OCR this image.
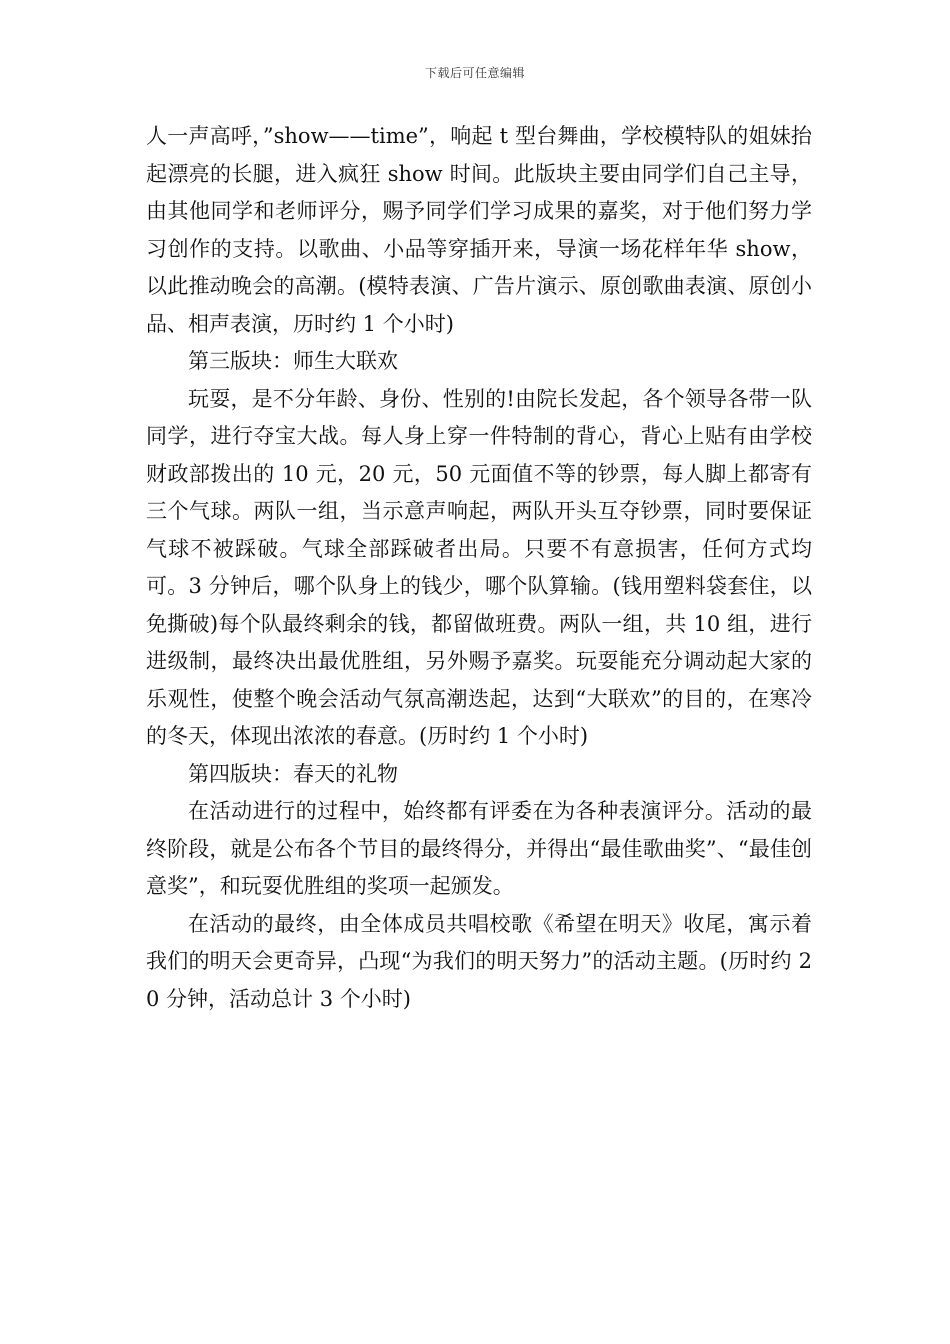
下载后可任意编辑

人一声高呼，”show——time”，响起 t 型台舞曲，学校模特队的姐妹抬起漂亮的长腿，进入疯狂 show 时间。此版块主要由同学们自己主导，由其他同学和老师评分，赐予同学们学习成果的嘉奖，对于他们努力学习创作的支持。以歌曲、小品等穿插开来，导演一场花样年华 show，以此推动晚会的高潮。(模特表演、广告片演示、原创歌曲表演、原创小品、相声表演，历时约 1 个小时)

第三版块：师生大联欢

玩耍，是不分年龄、身份、性别的!由院长发起，各个领导各带一队同学，进行夺宝大战。每人身上穿一件特制的背心，背心上贴有由学校财政部拨出的 10 元，20 元，50 元面值不等的钞票，每人脚上都寄有三个气球。两队一组，当示意声响起，两队开头互夺钞票，同时要保证气球不被踩破。气球全部踩破者出局。只要不有意损害，任何方式均可。3 分钟后，哪个队身上的钱少，哪个队算输。(钱用塑料袋套住，以免撕破)每个队最终剩余的钱，都留做班费。两队一组，共 10 组，进行进级制，最终决出最优胜组，另外赐予嘉奖。玩耍能充分调动起大家的乐观性，使整个晚会活动气氛高潮迭起，达到“大联欢”的目的，在寒冷的冬天，体现出浓浓的春意。(历时约 1 个小时)

第四版块：春天的礼物

在活动进行的过程中，始终都有评委在为各种表演评分。活动的最终阶段，就是公布各个节目的最终得分，并得出“最佳歌曲奖”、“最佳创意奖”，和玩耍优胜组的奖项一起颁发。

在活动的最终，由全体成员共唱校歌《希望在明天》收尾，寓示着我们的明天会更奇异，凸现“为我们的明天努力”的活动主题。(历时约 20 分钟，活动总计 3 个小时)
